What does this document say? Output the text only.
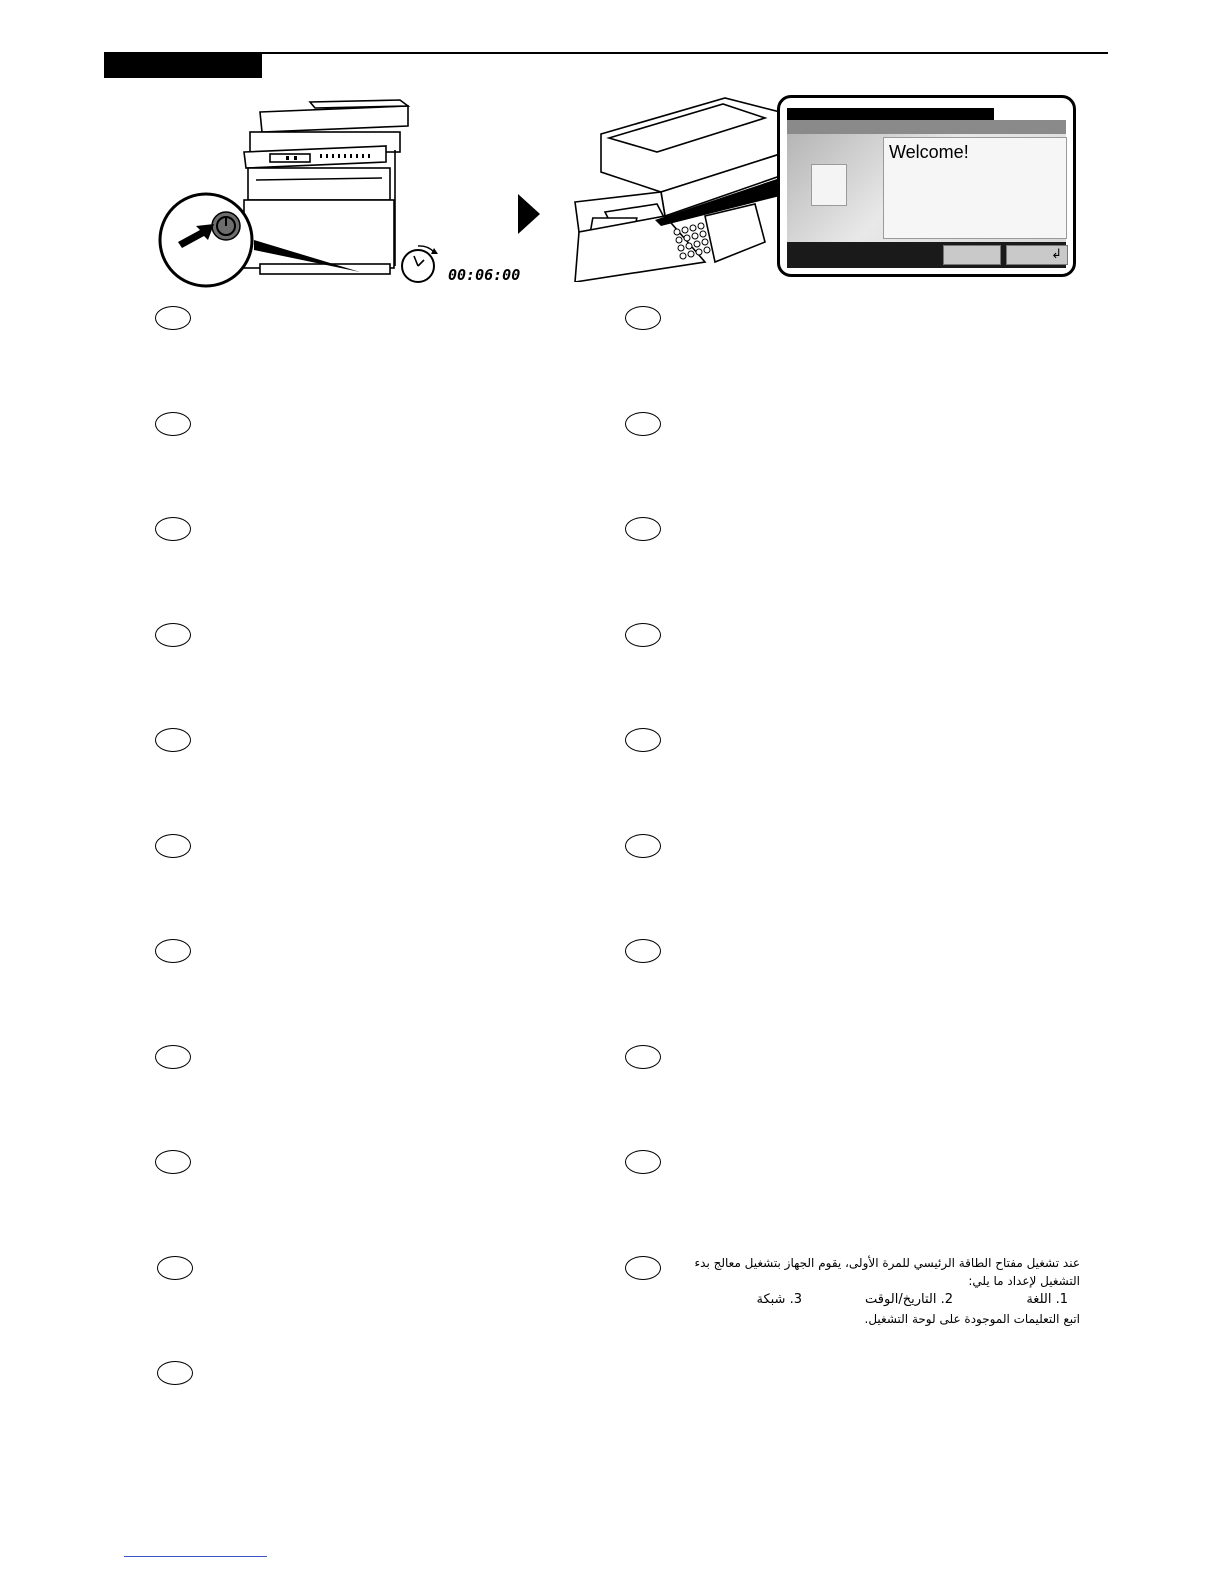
00:06:00
Welcome!
↲

عند تشغيل مفتاح الطاقة الرئيسي للمرة الأولى، يقوم الجهاز بتشغيل معالج بدء

التشغيل لإعداد ما يلي:

1. اللغة
2. التاريخ/الوقت
3. شبكة

اتبع التعليمات الموجودة على لوحة التشغيل.
